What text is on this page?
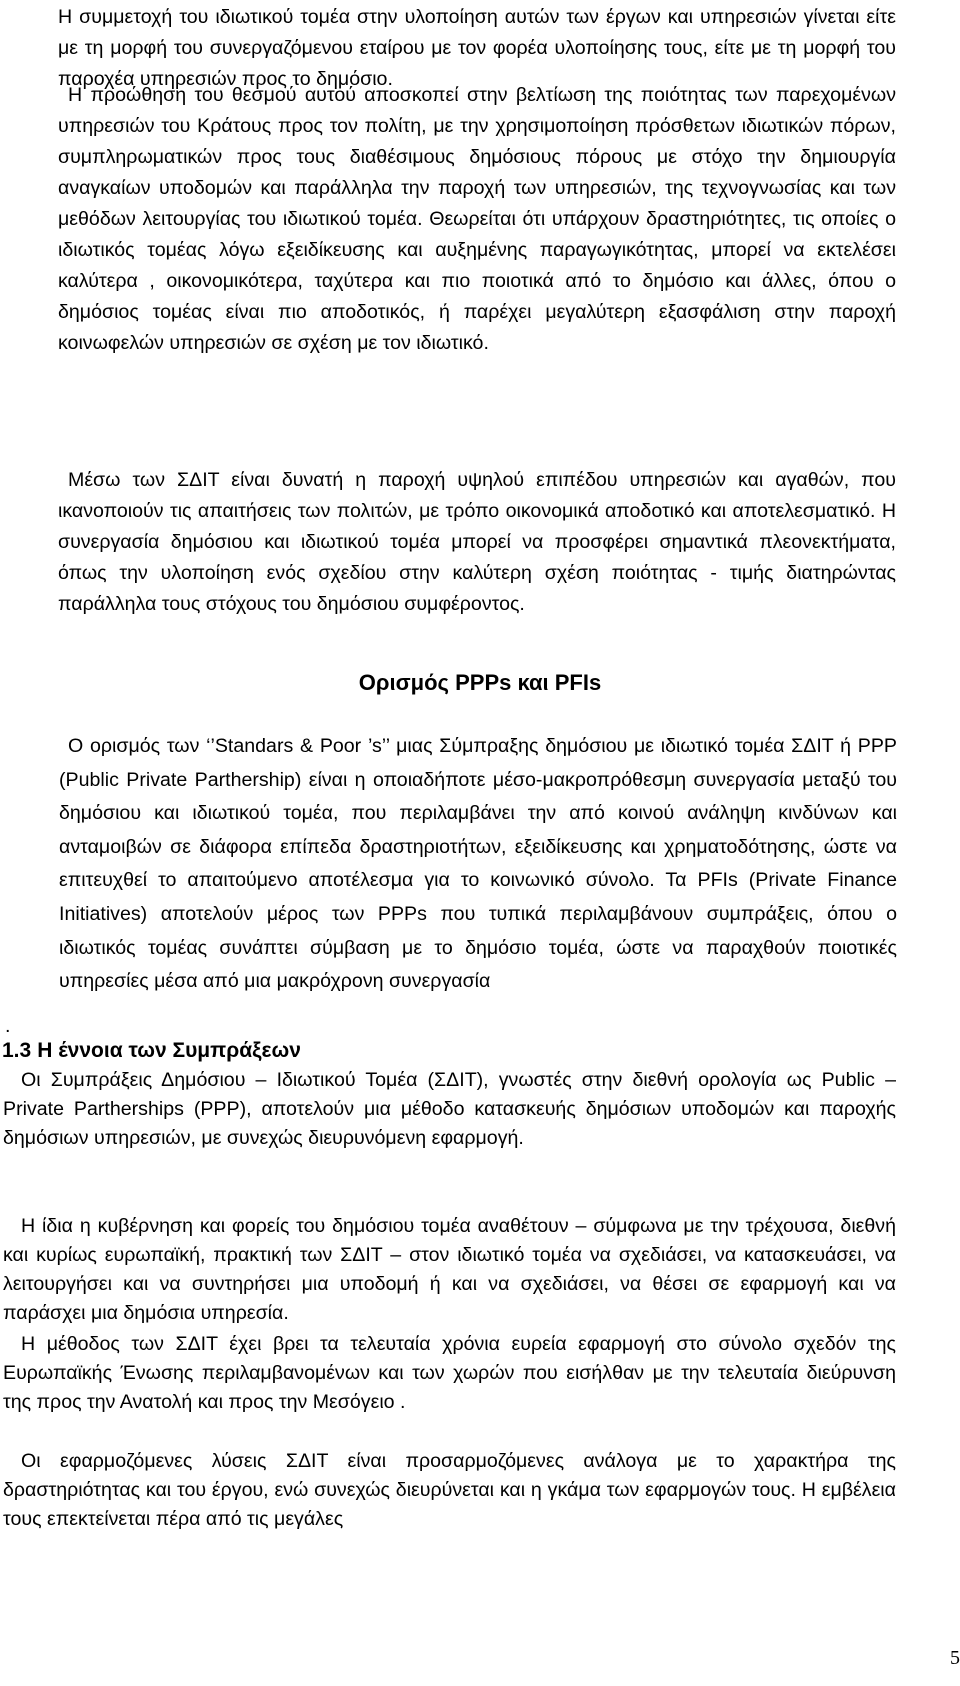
Η συμμετοχή του ιδιωτικού τομέα στην υλοποίηση αυτών των έργων και υπηρεσιών γίνεται είτε με τη μορφή του συνεργαζόμενου εταίρου με τον φορέα υλοποίησης τους, είτε με τη μορφή του παροχέα υπηρεσιών προς το δημόσιο.

Η προώθηση του θεσμού αυτού αποσκοπεί στην βελτίωση της ποιότητας των παρεχομένων υπηρεσιών του Κράτους προς τον πολίτη, με την χρησιμοποίηση πρόσθετων ιδιωτικών πόρων, συμπληρωματικών προς τους διαθέσιμους δημόσιους πόρους με στόχο την δημιουργία αναγκαίων υποδομών και παράλληλα την παροχή των υπηρεσιών, της τεχνογνωσίας και των μεθόδων λειτουργίας του ιδιωτικού τομέα. Θεωρείται ότι υπάρχουν δραστηριότητες, τις οποίες ο ιδιωτικός τομέας λόγω εξειδίκευσης και αυξημένης παραγωγικότητας, μπορεί να εκτελέσει καλύτερα , οικονομικότερα, ταχύτερα και πιο ποιοτικά από το δημόσιο και άλλες, όπου ο δημόσιος τομέας είναι πιο αποδοτικός, ή παρέχει μεγαλύτερη εξασφάλιση στην παροχή κοινωφελών υπηρεσιών σε σχέση με τον ιδιωτικό.

Μέσω των ΣΔΙΤ είναι δυνατή η παροχή υψηλού επιπέδου υπηρεσιών και αγαθών, που ικανοποιούν τις απαιτήσεις των πολιτών, με τρόπο οικονομικά αποδοτικό και αποτελεσματικό. Η συνεργασία δημόσιου και ιδιωτικού τομέα μπορεί να προσφέρει σημαντικά πλεονεκτήματα, όπως την υλοποίηση ενός σχεδίου στην καλύτερη σχέση ποιότητας - τιμής διατηρώντας παράλληλα τους στόχους του δημόσιου συμφέροντος.

Ορισμός PPPs και PFIs

Ο ορισμός των ‘’Standars & Poor ’s’’ μιας Σύμπραξης δημόσιου με ιδιωτικό τομέα ΣΔΙΤ ή PPP (Public Private Parthership) είναι η οποιαδήποτε μέσο-μακροπρόθεσμη συνεργασία μεταξύ του δημόσιου και ιδιωτικού τομέα, που περιλαμβάνει την από κοινού ανάληψη κινδύνων και ανταμοιβών σε διάφορα επίπεδα δραστηριοτήτων, εξειδίκευσης και χρηματοδότησης, ώστε να επιτευχθεί το απαιτούμενο αποτέλεσμα για το κοινωνικό σύνολο. Τα PFIs (Private Finance Initiatives) αποτελούν μέρος των PPPs που τυπικά περιλαμβάνουν συμπράξεις, όπου ο ιδιωτικός τομέας συνάπτει σύμβαση με το δημόσιο τομέα, ώστε να παραχθούν ποιοτικές υπηρεσίες μέσα από μια μακρόχρονη συνεργασία

.

1.3 Η έννοια των Συμπράξεων

Οι Συμπράξεις Δημόσιου – Ιδιωτικού Τομέα (ΣΔΙΤ), γνωστές στην διεθνή ορολογία ως Public – Private Partherships (PPP), αποτελούν μια μέθοδο κατασκευής δημόσιων υποδομών και παροχής δημόσιων υπηρεσιών, με συνεχώς διευρυνόμενη εφαρμογή.

Η ίδια η κυβέρνηση και φορείς του δημόσιου τομέα αναθέτουν – σύμφωνα με την τρέχουσα, διεθνή και κυρίως ευρωπαϊκή, πρακτική των ΣΔΙΤ – στον ιδιωτικό τομέα να σχεδιάσει, να κατασκευάσει, να λειτουργήσει και να συντηρήσει μια υποδομή ή και να σχεδιάσει, να θέσει σε εφαρμογή και να παράσχει μια δημόσια υπηρεσία.

Η μέθοδος των ΣΔΙΤ έχει βρει τα τελευταία χρόνια ευρεία εφαρμογή στο σύνολο σχεδόν της Ευρωπαϊκής Ένωσης περιλαμβανομένων και των χωρών που εισήλθαν με την τελευταία διεύρυνση της προς την Ανατολή και προς την Μεσόγειο .

Οι εφαρμοζόμενες λύσεις ΣΔΙΤ είναι προσαρμοζόμενες ανάλογα με το χαρακτήρα της δραστηριότητας και του έργου, ενώ συνεχώς διευρύνεται και η γκάμα των εφαρμογών τους. Η εμβέλεια τους επεκτείνεται πέρα από τις μεγάλες

5
